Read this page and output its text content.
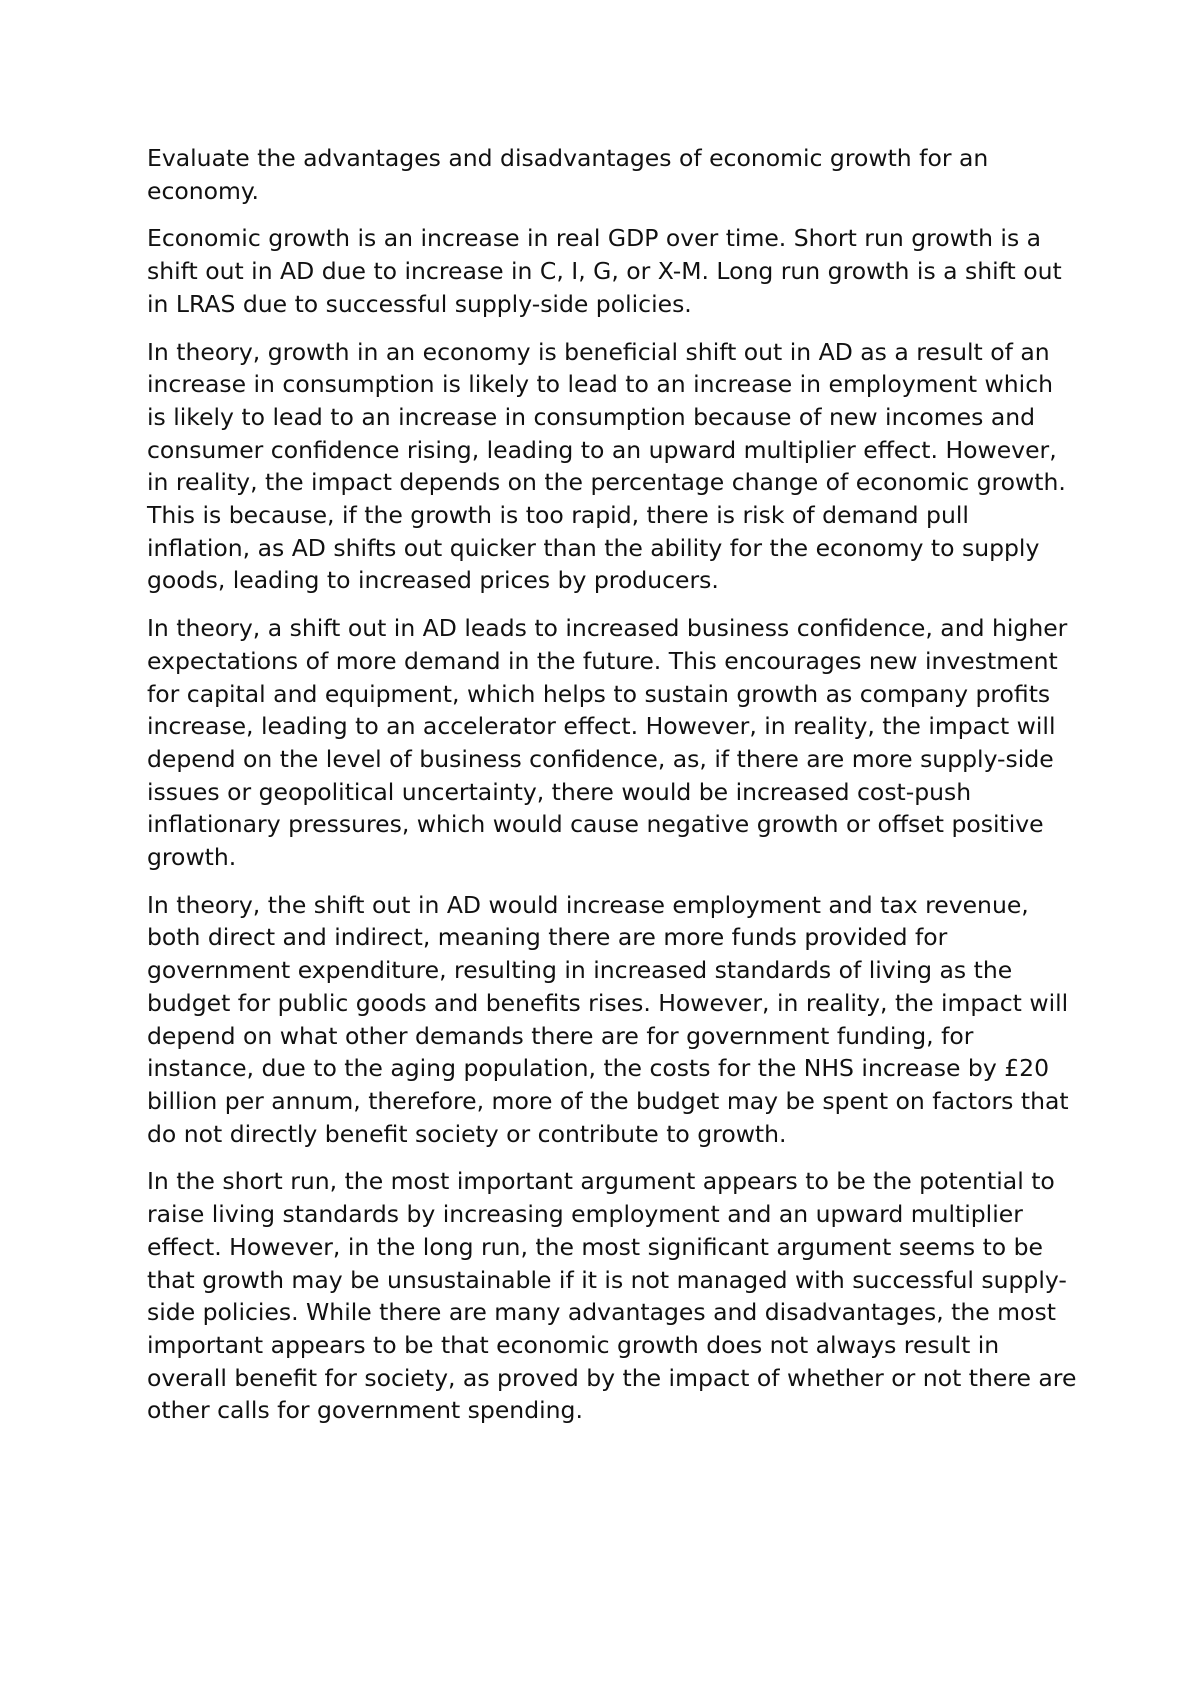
Evaluate the advantages and disadvantages of economic growth for an economy.

Economic growth is an increase in real GDP over time. Short run growth is a shift out in AD due to increase in C, I, G, or X-M. Long run growth is a shift out in LRAS due to successful supply-side policies.

In theory, growth in an economy is beneficial shift out in AD as a result of an increase in consumption is likely to lead to an increase in employment which is likely to lead to an increase in consumption because of new incomes and consumer confidence rising, leading to an upward multiplier effect. However, in reality, the impact depends on the percentage change of economic growth. This is because, if the growth is too rapid, there is risk of demand pull inflation, as AD shifts out quicker than the ability for the economy to supply goods, leading to increased prices by producers.

In theory, a shift out in AD leads to increased business confidence, and higher expectations of more demand in the future. This encourages new investment for capital and equipment, which helps to sustain growth as company profits increase, leading to an accelerator effect. However, in reality, the impact will depend on the level of business confidence, as, if there are more supply-side issues or geopolitical uncertainty, there would be increased cost-push inflationary pressures, which would cause negative growth or offset positive growth.

In theory, the shift out in AD would increase employment and tax revenue, both direct and indirect, meaning there are more funds provided for government expenditure, resulting in increased standards of living as the budget for public goods and benefits rises. However, in reality, the impact will depend on what other demands there are for government funding, for instance, due to the aging population, the costs for the NHS increase by £20 billion per annum, therefore, more of the budget may be spent on factors that do not directly benefit society or contribute to growth.

In the short run, the most important argument appears to be the potential to raise living standards by increasing employment and an upward multiplier effect. However, in the long run, the most significant argument seems to be that growth may be unsustainable if it is not managed with successful supply-side policies. While there are many advantages and disadvantages, the most important appears to be that economic growth does not always result in overall benefit for society, as proved by the impact of whether or not there are other calls for government spending.
